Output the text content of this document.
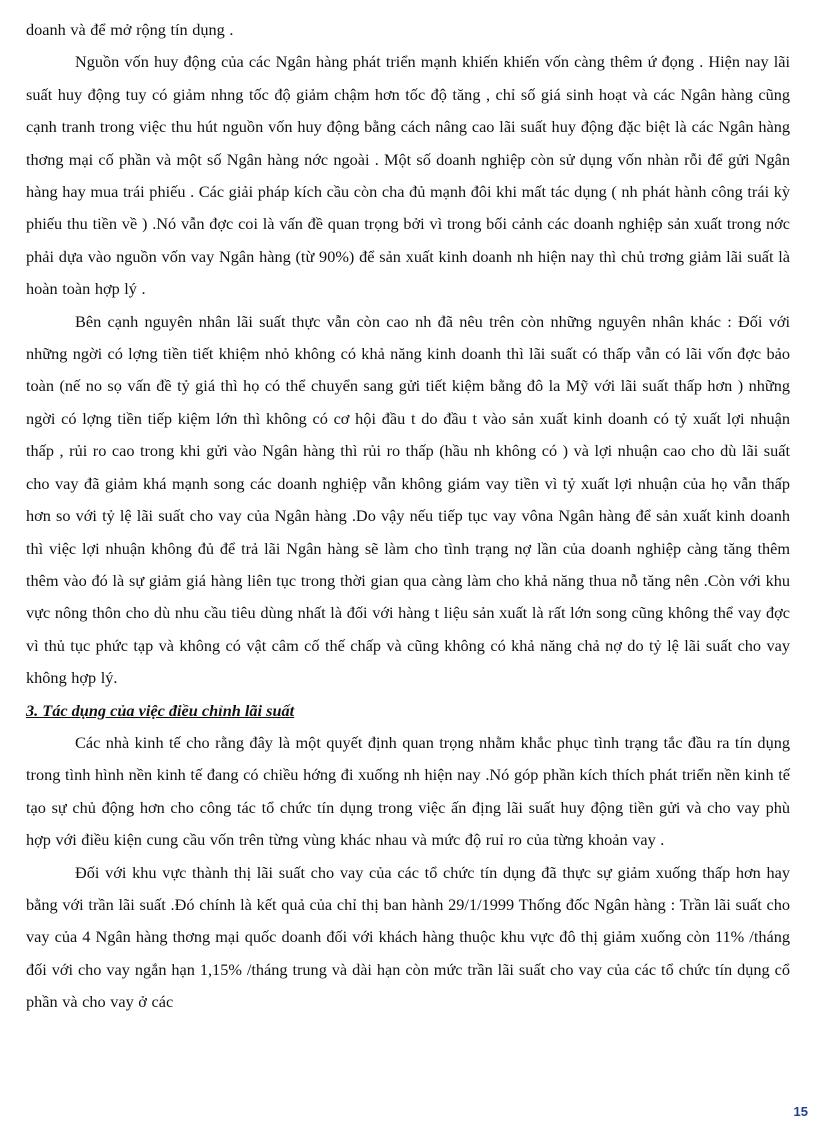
doanh và để mở rộng tín dụng .

Nguồn vốn huy động của các Ngân hàng phát triển mạnh khiến khiến vốn càng thêm ứ đọng . Hiện nay lãi suất huy động tuy có giảm nhng tốc độ giảm chậm hơn tốc độ tăng , chỉ số giá sinh hoạt và các Ngân hàng cũng cạnh tranh trong việc thu hút nguồn vốn huy động bằng cách nâng cao lãi suất huy động đặc biệt là các Ngân hàng thơng mại cố phần và một số Ngân hàng nớc ngoài . Một số doanh nghiệp còn sử dụng vốn nhàn rỗi để gửi Ngân hàng hay mua trái phiếu . Các giải pháp kích cầu còn cha đủ mạnh đôi khi mất tác dụng ( nh phát hành công trái kỳ phiếu thu tiền về ) .Nó vẫn đợc coi là vấn đề quan trọng bởi vì trong bối cảnh các doanh nghiệp sản xuất trong nớc phải dựa vào nguồn vốn vay Ngân hàng (từ 90%) để sản xuất kinh doanh nh hiện nay thì chủ trơng giảm lãi suất là hoàn toàn hợp lý .

Bên cạnh nguyên nhân lãi suất thực vẫn còn cao nh đã nêu trên còn những nguyên nhân khác : Đối với những ngời có lợng tiền tiết khiệm nhỏ không có khả năng kinh doanh thì lãi suất có thấp vẫn có lãi vốn đợc bảo toàn (nế no sọ vấn đề tỷ giá thì họ có thể chuyển sang gửi tiết kiệm bằng đô la Mỹ với lãi suất thấp hơn ) những ngời có lợng tiền tiếp kiệm lớn thì không có cơ hội đầu t do đầu t vào sản xuất kinh doanh có tỷ xuất lợi nhuận thấp , rủi ro cao trong khi gửi vào Ngân hàng thì rủi ro thấp (hầu nh không có ) và lợi nhuận cao cho dù lãi suất cho vay đã giảm khá mạnh song các doanh nghiệp vẫn không giám vay tiền vì tỷ xuất lợi nhuận của họ vẫn thấp hơn so với tỷ lệ lãi suất cho vay của Ngân hàng .Do vậy nếu tiếp tục vay vôna Ngân hàng để sản xuất kinh doanh thì việc lợi nhuận không đủ để trả lãi Ngân hàng sẽ làm cho tình trạng nợ lần của doanh nghiệp càng tăng thêm thêm vào đó là sự giảm giá hàng liên tục trong thời gian qua càng làm cho khả năng thua nỗ tăng nên .Còn với khu vực nông thôn cho dù nhu cầu tiêu dùng nhất là đối với hàng t liệu sản xuất là rất lớn song cũng không thể vay đợc vì thủ tục phức tạp và không có vật câm cố thế chấp và cũng không có khả năng chả nợ do tỷ lệ lãi suất cho vay không hợp lý.

3. Tác dụng của việc điều chỉnh lãi suất

Các nhà kinh tế cho rằng đây là một quyết định quan trọng nhằm khắc phục tình trạng tắc đầu ra tín dụng trong tình hình nền kinh tế đang có chiều hớng đi xuống nh hiện nay .Nó góp phần kích thích phát triển nền kinh tế tạo sự chủ động hơn cho công tác tổ chức tín dụng trong việc ấn địng lãi suất huy động tiền gửi và cho vay phù hợp với điều kiện cung cầu vốn trên từng vùng khác nhau và mức độ ruỉ ro của từng khoản vay .

Đối với khu vực thành thị lãi suất cho vay của các tổ chức tín dụng đã thực sự giảm xuống thấp hơn hay bằng với trần lãi suất .Đó chính là kết quả của chỉ thị ban hành 29/1/1999 Thống đốc Ngân hàng : Trần lãi suất cho vay của 4 Ngân hàng thơng mại quốc doanh đối với khách hàng thuộc khu vực đô thị giảm xuống còn 11% /tháng đối với cho vay ngắn hạn 1,15% /tháng trung và dài hạn còn mức trần lãi suất cho vay của các tổ chức tín dụng cổ phần và cho vay ở các

15
